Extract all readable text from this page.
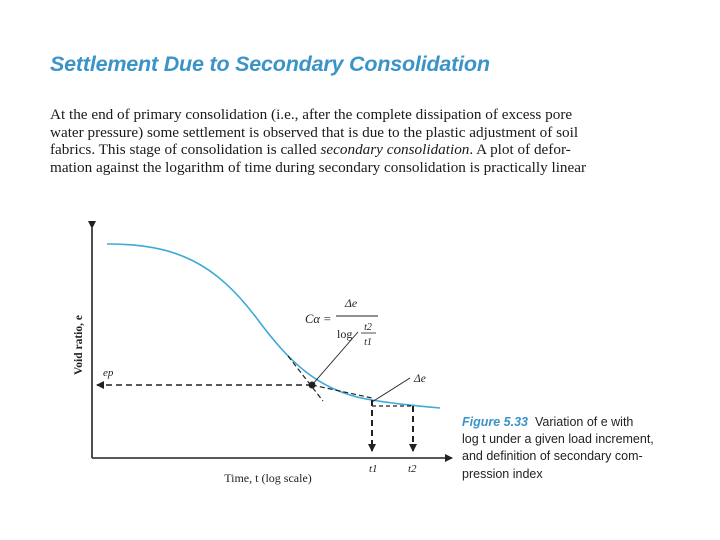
Settlement Due to Secondary Consolidation
At the end of primary consolidation (i.e., after the complete dissipation of excess pore
water pressure) some settlement is observed that is due to the plastic adjustment of soil
fabrics. This stage of consolidation is called secondary consolidation. A plot of defor-
mation against the logarithm of time during secondary consolidation is practically linear
Void ratio, e
Time, t (log scale)
ep	Δe
Cα =
Δe
log t2
t1
t1	t2
Figure 5.33 Variation of e with
log t under a given load increment,
and definition of secondary com-
pression index
